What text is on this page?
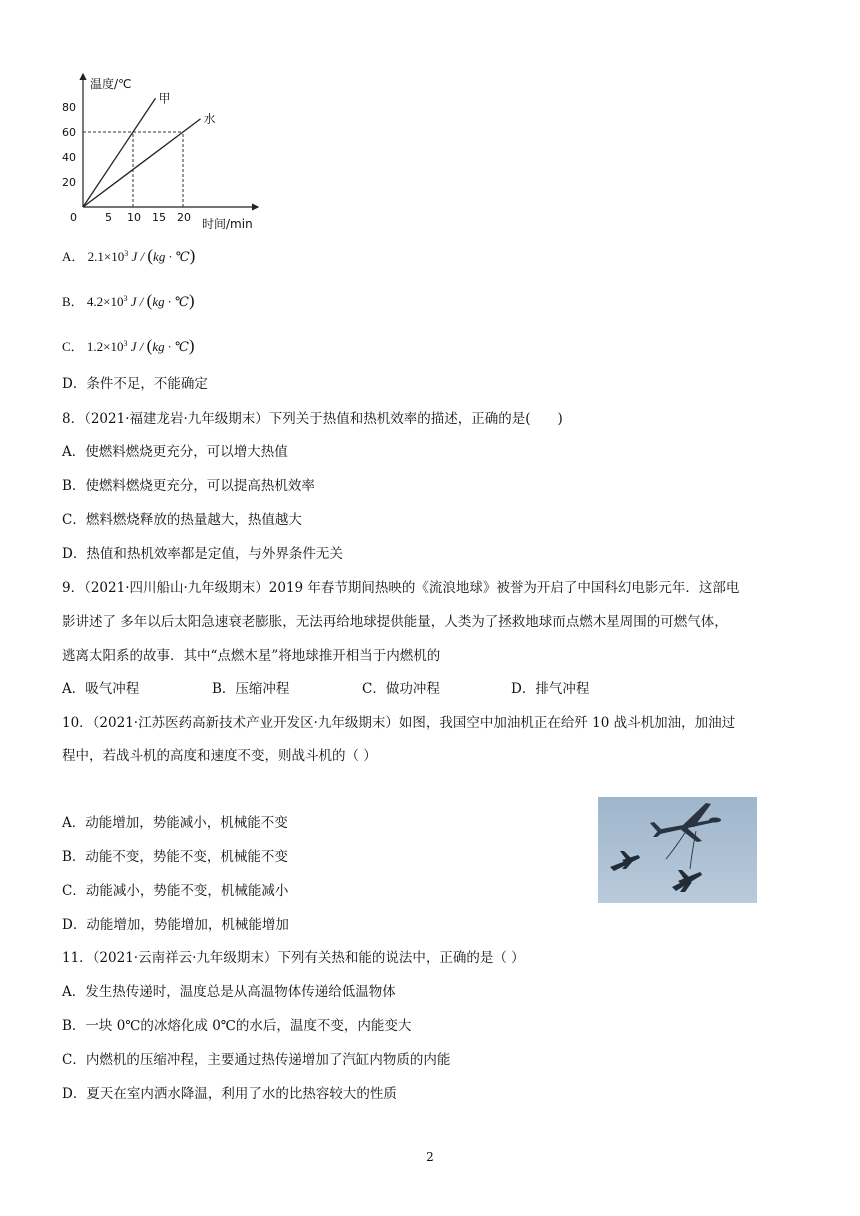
温度/℃
时间/min
0	5 10 15 20
80
60
40
20
甲
水
A． $2.1\times 10^3$ J / (kg · ℃)
B． $4.2\times 10^3$ J / (kg · ℃)
C． $1.2\times 10^3$ J / (kg · ℃)
D．条件不足，不能确定
8．（2021·福建龙岩·九年级期末）下列关于热值和热机效率的描述，正确的是(　　)
A．使燃料燃烧更充分，可以增大热值
B．使燃料燃烧更充分，可以提高热机效率
C．燃料燃烧释放的热量越大，热值越大
D．热值和热机效率都是定值，与外界条件无关
9．（2021·四川船山·九年级期末）2019 年春节期间热映的《流浪地球》被誉为开启了中国科幻电影元年．这部电
影讲述了 多年以后太阳急速衰老膨胀，无法再给地球提供能量，人类为了拯救地球而点燃木星周围的可燃气体，
逃离太阳系的故事．其中“点燃木星”将地球推开相当于内燃机的
A．吸气冲程	B．压缩冲程	C．做功冲程	D．排气冲程
10．（2021·江苏医药高新技术产业开发区·九年级期末）如图，我国空中加油机正在给歼 10 战斗机加油，加油过
程中，若战斗机的高度和速度不变，则战斗机的（ ）
A．动能增加，势能减小，机械能不变
B．动能不变，势能不变，机械能不变
C．动能减小，势能不变，机械能减小
D．动能增加，势能增加，机械能增加
11．（2021·云南祥云·九年级期末）下列有关热和能的说法中，正确的是（ ）
A．发生热传递时，温度总是从高温物体传递给低温物体
B．一块 0℃的冰熔化成 0℃的水后，温度不变，内能变大
C．内燃机的压缩冲程，主要通过热传递增加了汽缸内物质的内能
D．夏天在室内洒水降温，利用了水的比热容较大的性质
2
